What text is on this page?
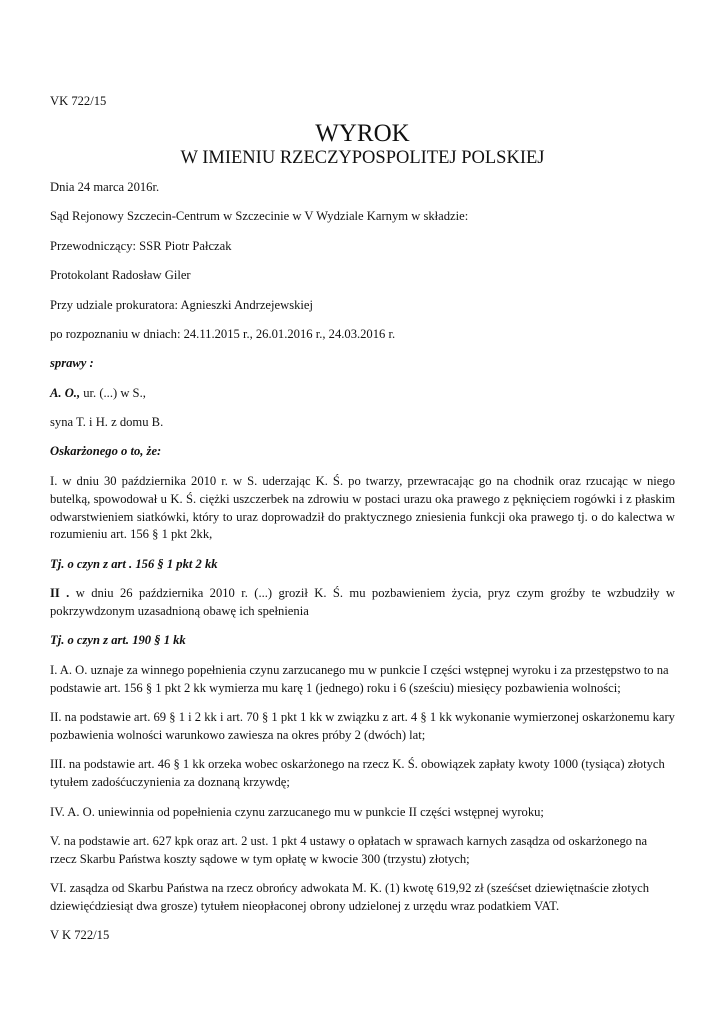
VK 722/15

WYROK

W IMIENIU RZECZYPOSPOLITEJ POLSKIEJ

Dnia 24 marca 2016r.

Sąd Rejonowy Szczecin-Centrum w Szczecinie w V Wydziale Karnym w składzie:

Przewodniczący: SSR Piotr Pałczak

Protokolant Radosław Giler

Przy udziale prokuratora: Agnieszki Andrzejewskiej

po rozpoznaniu w dniach: 24.11.2015 r., 26.01.2016 r., 24.03.2016 r.

sprawy :

A. O., ur. (...) w S.,

syna T. i H. z domu B.

Oskarżonego o to, że:

I. w dniu 30 października 2010 r. w S. uderzając K. Ś. po twarzy, przewracając go na chodnik oraz rzucając w niego butelką, spowodował u K. Ś. ciężki uszczerbek na zdrowiu w postaci urazu oka prawego z pęknięciem rogówki i z płaskim odwarstwieniem siatkówki, który to uraz doprowadził do praktycznego zniesienia funkcji oka prawego tj. o do kalectwa w rozumieniu art. 156 § 1 pkt 2kk,

Tj. o czyn z art . 156 § 1 pkt 2 kk

II . w dniu 26 października 2010 r. (...) groził K. Ś. mu pozbawieniem życia, pryz czym groźby te wzbudziły w pokrzywdzonym uzasadnioną obawę ich spełnienia

Tj. o czyn z art. 190 § 1 kk

I. A. O. uznaje za winnego popełnienia czynu zarzucanego mu w punkcie I części wstępnej wyroku i za przestępstwo to na podstawie art. 156 § 1 pkt 2 kk wymierza mu karę 1 (jednego) roku i 6 (sześciu) miesięcy pozbawienia wolności;

II. na podstawie art. 69 § 1 i 2 kk i art. 70 § 1 pkt 1 kk w związku z art. 4 § 1 kk wykonanie wymierzonej oskarżonemu kary pozbawienia wolności warunkowo zawiesza na okres próby 2 (dwóch) lat;

III. na podstawie art. 46 § 1 kk orzeka wobec oskarżonego na rzecz K. Ś. obowiązek zapłaty kwoty 1000 (tysiąca) złotych tytułem zadośćuczynienia za doznaną krzywdę;

IV. A. O. uniewinnia od popełnienia czynu zarzucanego mu w punkcie II części wstępnej wyroku;

V. na podstawie art. 627 kpk oraz art. 2 ust. 1 pkt 4 ustawy o opłatach w sprawach karnych zasądza od oskarżonego na rzecz Skarbu Państwa koszty sądowe w tym opłatę w kwocie 300 (trzystu) złotych;

VI. zasądza od Skarbu Państwa na rzecz obrońcy adwokata M. K. (1) kwotę 619,92 zł (sześćset dziewiętnaście złotych dziewięćdziesiąt dwa grosze) tytułem nieopłaconej obrony udzielonej z urzędu wraz podatkiem VAT.

V K 722/15
